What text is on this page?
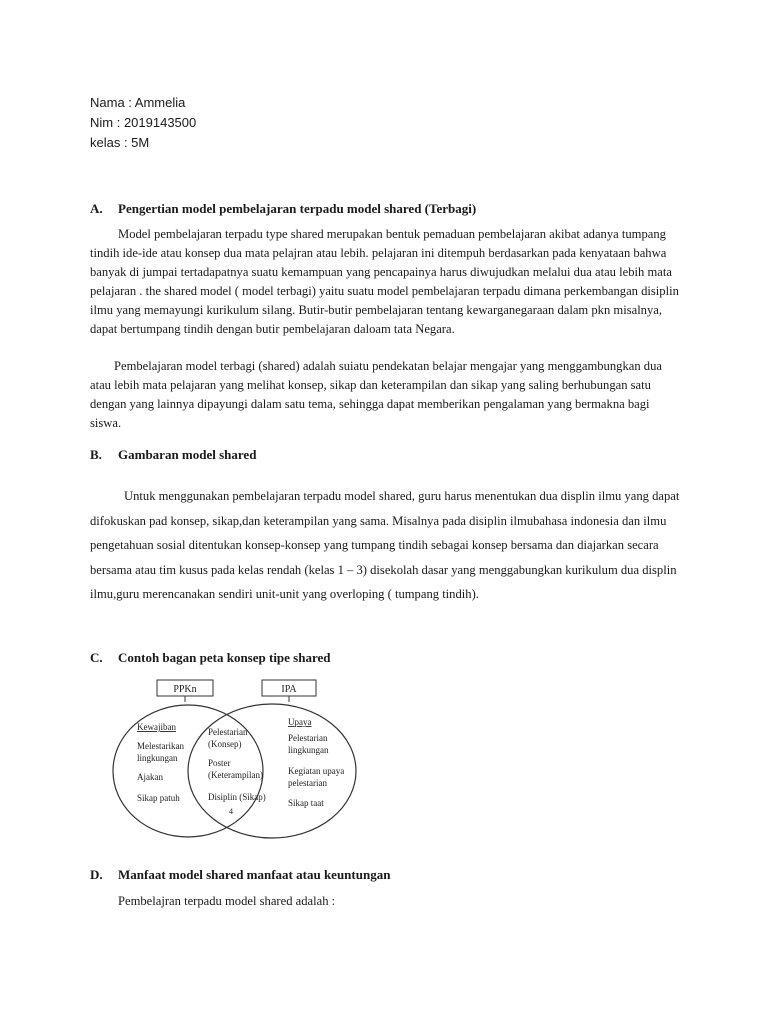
Nama : Ammelia
Nim : 2019143500
kelas : 5M
A. Pengertian model pembelajaran terpadu model shared (Terbagi)
Model pembelajaran terpadu type shared merupakan bentuk pemaduan pembelajaran akibat adanya tumpang tindih ide-ide atau konsep dua mata pelajran atau lebih. pelajaran ini ditempuh berdasarkan pada kenyataan bahwa banyak di jumpai tertadapatnya suatu kemampuan yang pencapainya harus diwujudkan melalui dua atau lebih mata pelajaran . the shared model ( model terbagi) yaitu suatu model pembelajaran terpadu dimana perkembangan disiplin ilmu yang memayungi kurikulum silang. Butir-butir pembelajaran tentang kewarganegaraan dalam pkn misalnya, dapat bertumpang tindih dengan butir pembelajaran daloam tata Negara.
Pembelajaran model terbagi (shared) adalah suiatu pendekatan belajar mengajar yang menggambungkan dua atau lebih mata pelajaran yang melihat konsep, sikap dan keterampilan dan sikap yang saling berhubungan satu dengan yang lainnya dipayungi dalam satu tema, sehingga dapat memberikan pengalaman yang bermakna bagi siswa.
B. Gambaran model shared
Untuk menggunakan pembelajaran terpadu model shared, guru harus menentukan dua displin ilmu yang dapat difokuskan pad konsep, sikap,dan keterampilan yang sama. Misalnya pada disiplin ilmubahasa indonesia dan ilmu pengetahuan sosial ditentukan konsep-konsep yang tumpang tindih sebagai konsep bersama dan diajarkan secara bersama atau tim kusus pada kelas rendah (kelas 1 – 3) disekolah dasar yang menggabungkan kurikulum dua displin ilmu,guru merencanakan sendiri unit-unit yang overloping ( tumpang tindih).
C. Contoh bagan peta konsep tipe shared
PPKn	IPA
Kewajiban
Melestarikan
lingkungan
Ajakan
Sikap patuh
Pelestarian
(Konsep)
Poster
(Keterampilan)
Disiplin (Sikap)
4
Upaya
Pelestarian
lingkungan
Kegiatan upaya
pelestarian
Sikap taat
D. Manfaat model shared manfaat atau keuntungan
Pembelajran terpadu model shared adalah :
